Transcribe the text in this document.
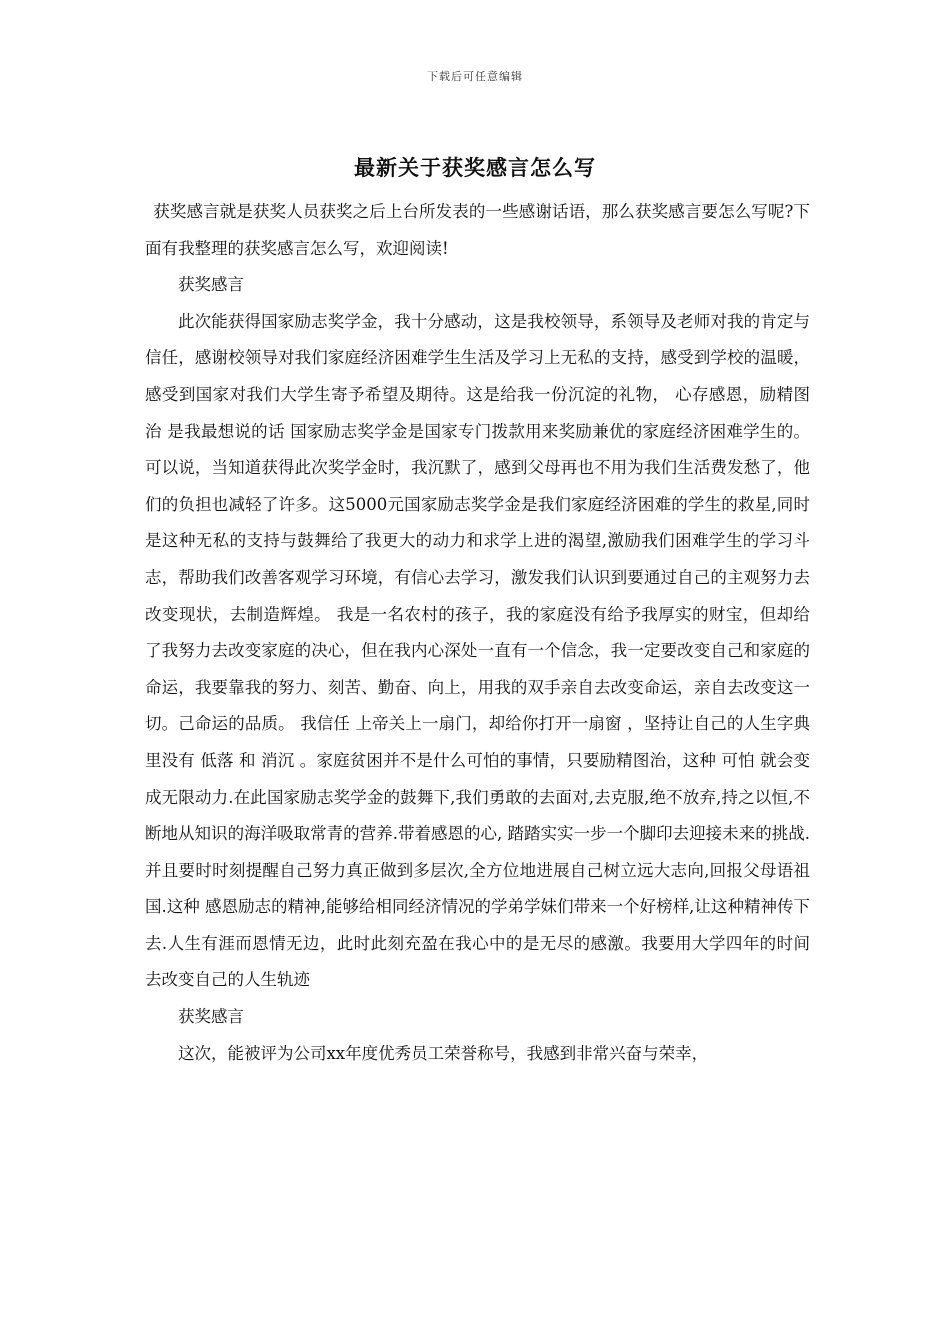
下载后可任意编辑
最新关于获奖感言怎么写

获奖感言就是获奖人员获奖之后上台所发表的一些感谢话语，那么获奖感言要怎么写呢?下面有我整理的获奖感言怎么写，欢迎阅读!

获奖感言

此次能获得国家励志奖学金，我十分感动，这是我校领导，系领导及老师对我的肯定与信任，感谢校领导对我们家庭经济困难学生生活及学习上无私的支持，感受到学校的温暖，感受到国家对我们大学生寄予希望及期待。这是给我一份沉淀的礼物， 心存感恩，励精图治 是我最想说的话 国家励志奖学金是国家专门拨款用来奖励兼优的家庭经济困难学生的。可以说，当知道获得此次奖学金时，我沉默了，感到父母再也不用为我们生活费发愁了，他们的负担也减轻了许多。这5000元国家励志奖学金是我们家庭经济困难的学生的救星,同时是这种无私的支持与鼓舞给了我更大的动力和求学上进的渴望,激励我们困难学生的学习斗志，帮助我们改善客观学习环境，有信心去学习，激发我们认识到要通过自己的主观努力去改变现状，去制造辉煌。 我是一名农村的孩子，我的家庭没有给予我厚实的财宝，但却给了我努力去改变家庭的决心，但在我内心深处一直有一个信念，我一定要改变自己和家庭的命运，我要靠我的努力、刻苦、勤奋、向上，用我的双手亲自去改变命运，亲自去改变这一切。己命运的品质。 我信任 上帝关上一扇门，却给你打开一扇窗 ，坚持让自己的人生字典里没有 低落 和 消沉 。家庭贫困并不是什么可怕的事情，只要励精图治，这种 可怕 就会变成无限动力.在此国家励志奖学金的鼓舞下,我们勇敢的去面对,去克服,绝不放弃,持之以恒,不断地从知识的海洋吸取常青的营养.带着感恩的心, 踏踏实实一步一个脚印去迎接未来的挑战.并且要时时刻提醒自己努力真正做到多层次,全方位地进展自己树立远大志向,回报父母语祖国.这种 感恩励志的精神,能够给相同经济情况的学弟学妹们带来一个好榜样,让这种精神传下去.人生有涯而恩情无边，此时此刻充盈在我心中的是无尽的感激。我要用大学四年的时间去改变自己的人生轨迹

获奖感言

这次，能被评为公司xx年度优秀员工荣誉称号，我感到非常兴奋与荣幸，
